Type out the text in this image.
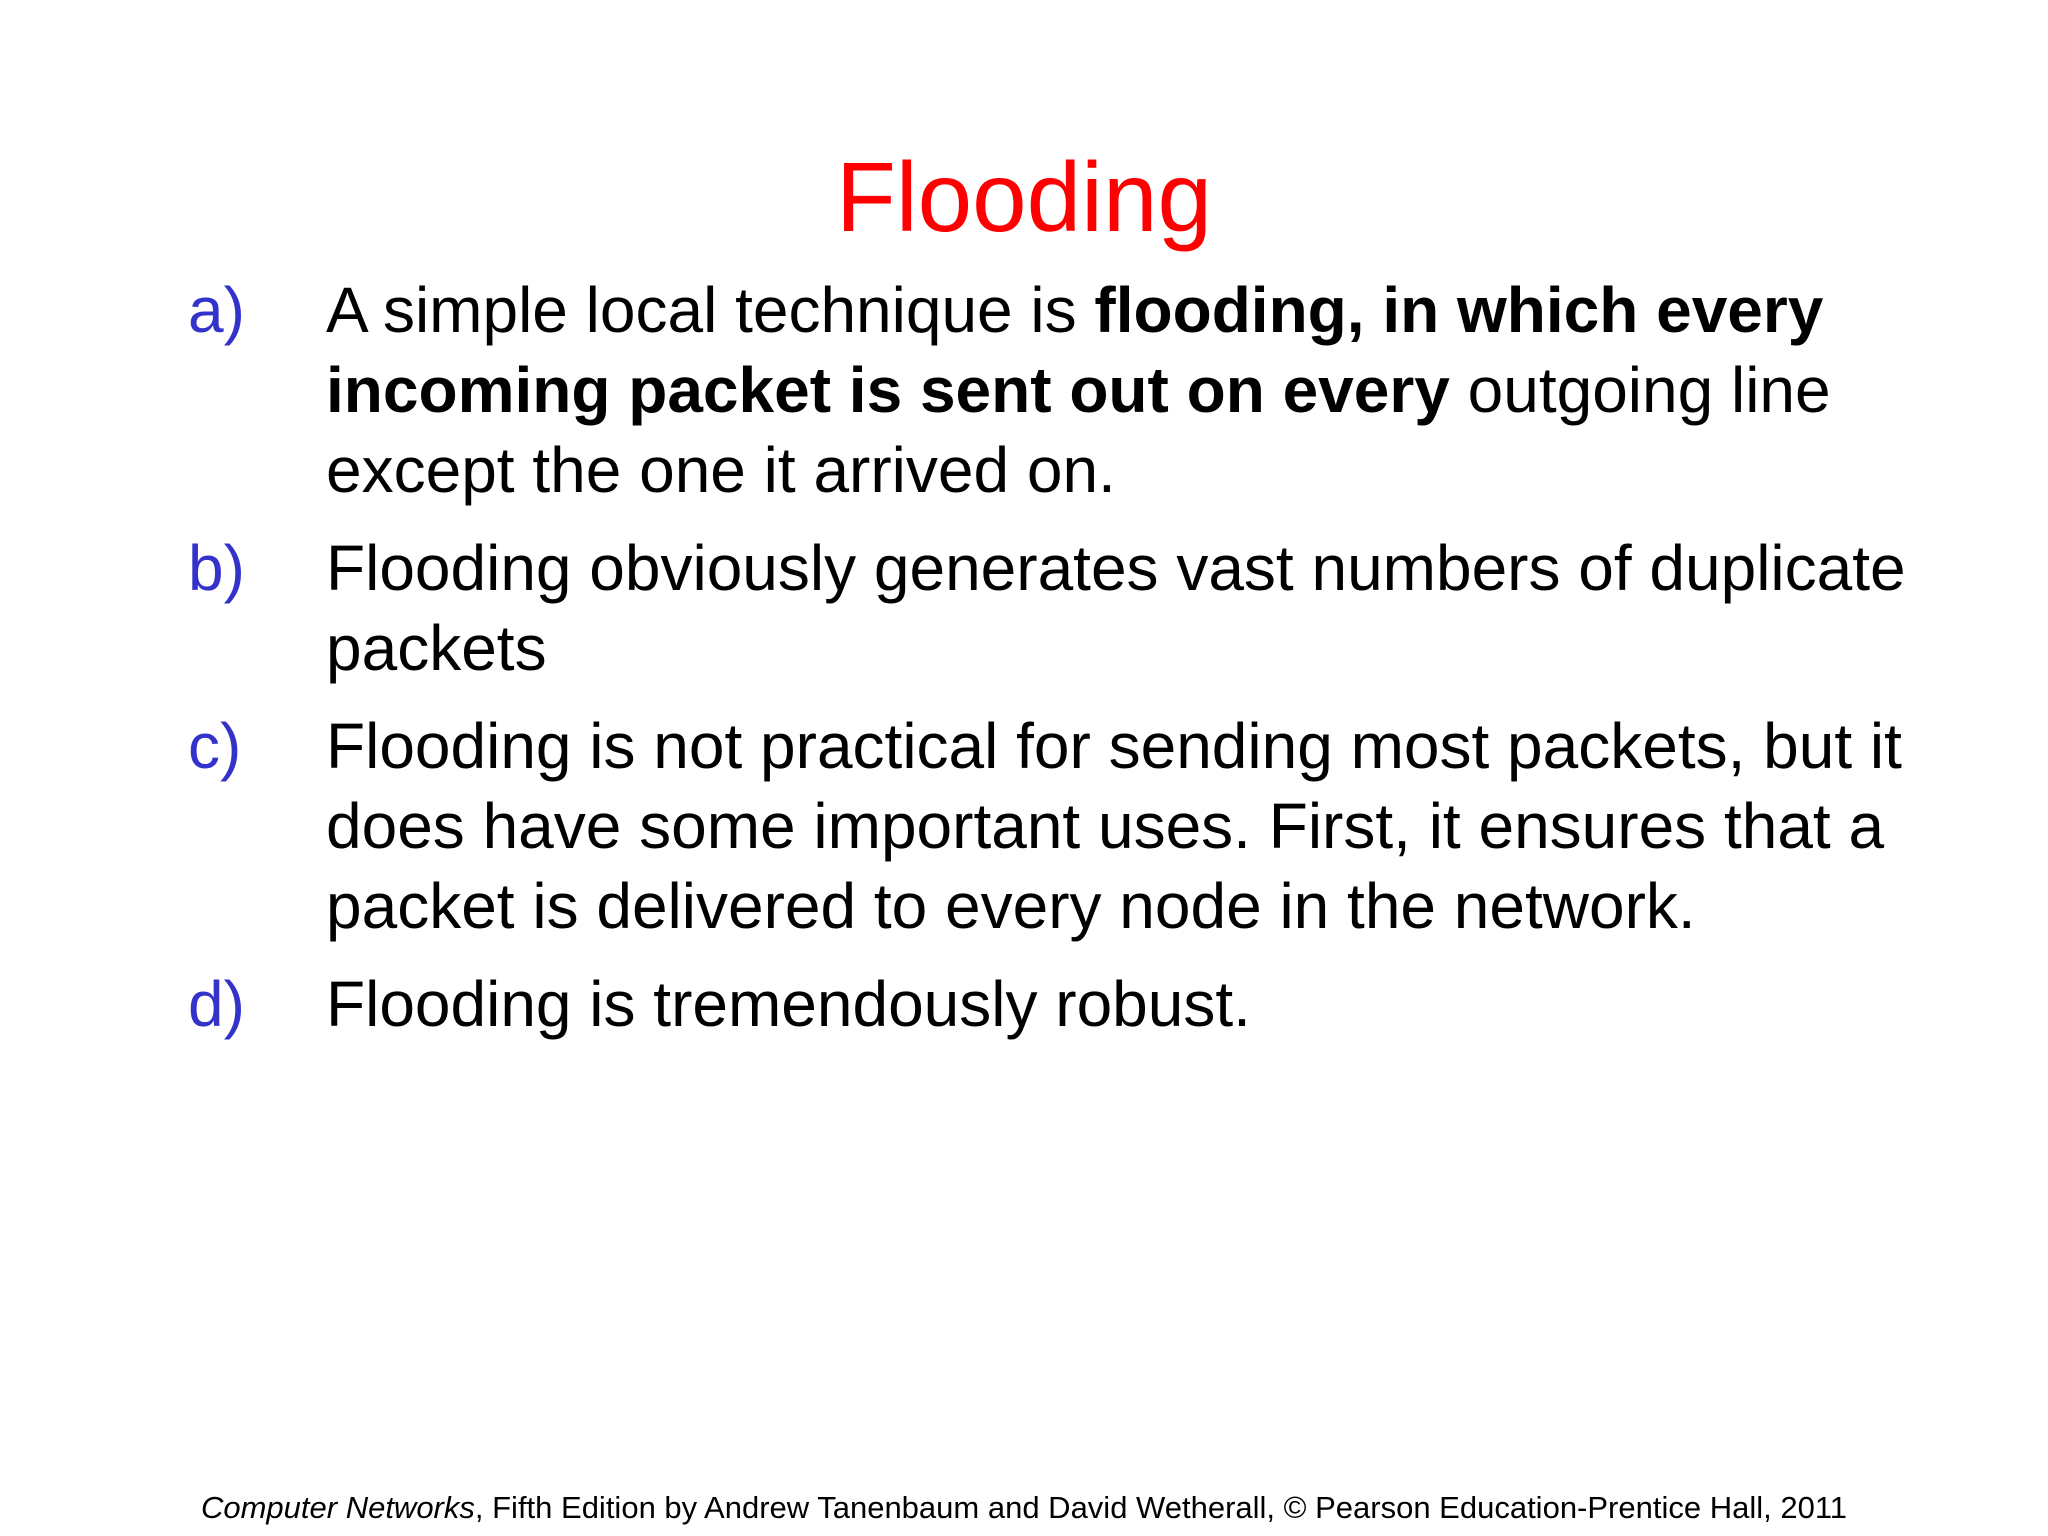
Flooding
a)	A simple local technique is flooding, in which every incoming packet is sent out on every outgoing line except the one it arrived on.
b)	Flooding obviously generates vast numbers of duplicate packets
c)	Flooding is not practical for sending most packets, but it does have some important uses. First, it ensures that a packet is delivered to every node in the network.
d)	Flooding is tremendously robust.
Computer Networks, Fifth Edition by Andrew Tanenbaum and David Wetherall, © Pearson Education-Prentice Hall, 2011
